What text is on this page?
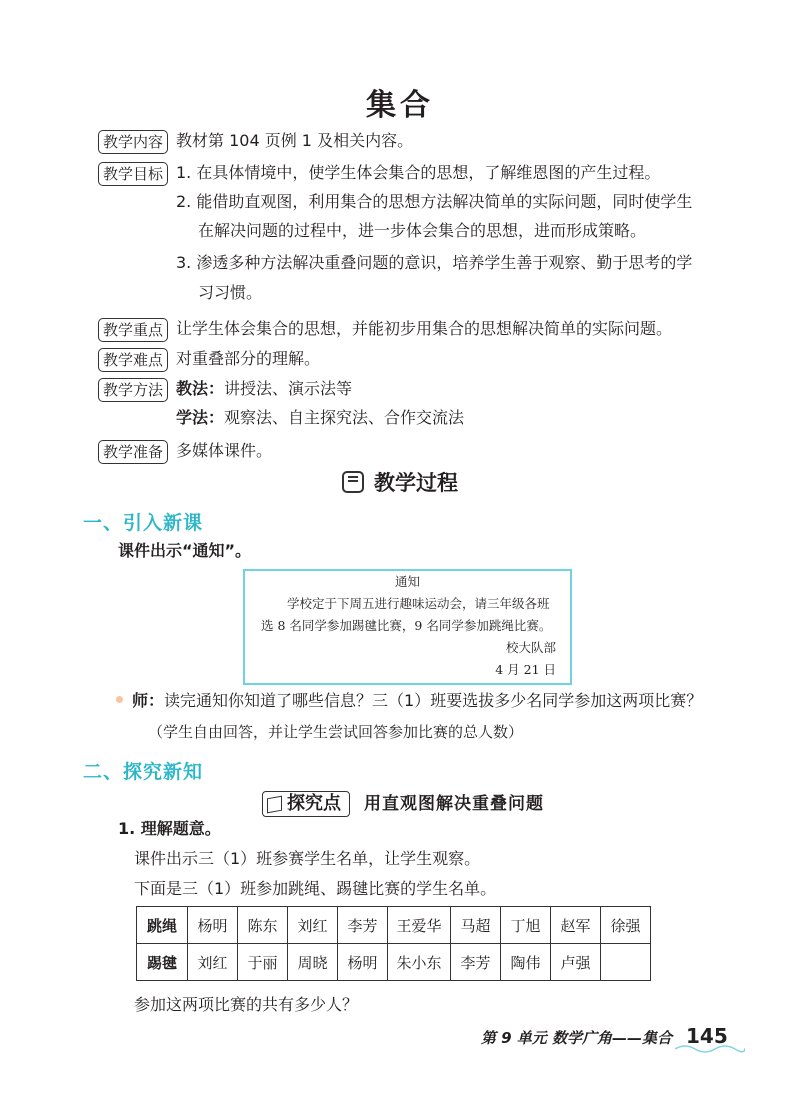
集合
教学内容 教材第 104 页例 1 及相关内容。
教学目标 1. 在具体情境中，使学生体会集合的思想，了解维恩图的产生过程。
2. 能借助直观图，利用集合的思想方法解决简单的实际问题，同时使学生
在解决问题的过程中，进一步体会集合的思想，进而形成策略。
3. 渗透多种方法解决重叠问题的意识，培养学生善于观察、勤于思考的学
习习惯。
教学重点 让学生体会集合的思想，并能初步用集合的思想解决简单的实际问题。
教学难点 对重叠部分的理解。
教学方法 教法：讲授法、演示法等
学法：观察法、自主探究法、合作交流法
教学准备 多媒体课件。
教学过程
一、引入新课
课件出示“通知”。
通知
学校定于下周五进行趣味运动会，请三年级各班
选 8 名同学参加踢毽比赛，9 名同学参加跳绳比赛。
校大队部
4 月 21 日
师：读完通知你知道了哪些信息？三（1）班要选拔多少名同学参加这两项比赛？
（学生自由回答，并让学生尝试回答参加比赛的总人数）
二、探究新知
探究点 用直观图解决重叠问题
1. 理解题意。
课件出示三（1）班参赛学生名单，让学生观察。
下面是三（1）班参加跳绳、踢毽比赛的学生名单。
跳绳	杨明	陈东	刘红	李芳	王爱华	马超	丁旭	赵军	徐强
踢毽	刘红	于丽	周晓	杨明	朱小东	李芳	陶伟	卢强	
参加这两项比赛的共有多少人？
第 9 单元 数学广角——集合 145
